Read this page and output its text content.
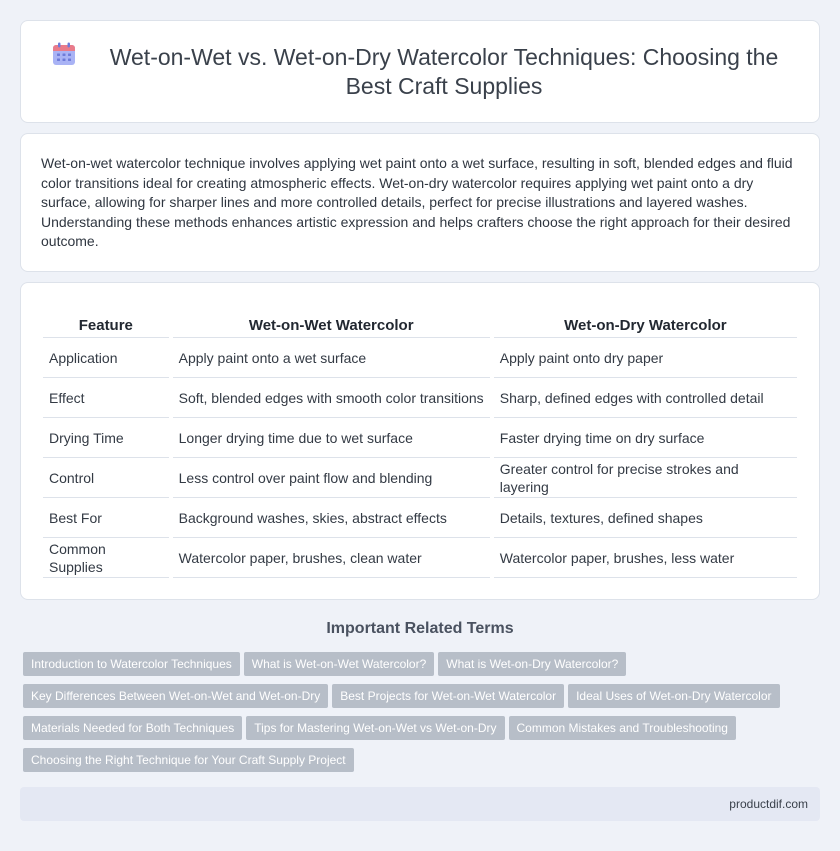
Wet-on-Wet vs. Wet-on-Dry Watercolor Techniques: Choosing the Best Craft Supplies

Wet-on-wet watercolor technique involves applying wet paint onto a wet surface, resulting in soft, blended edges and fluid color transitions ideal for creating atmospheric effects. Wet-on-dry watercolor requires applying wet paint onto a dry surface, allowing for sharper lines and more controlled details, perfect for precise illustrations and layered washes. Understanding these methods enhances artistic expression and helps crafters choose the right approach for their desired outcome.

Feature	Wet-on-Wet Watercolor	Wet-on-Dry Watercolor
Application	Apply paint onto a wet surface	Apply paint onto dry paper
Effect	Soft, blended edges with smooth color transitions	Sharp, defined edges with controlled detail
Drying Time	Longer drying time due to wet surface	Faster drying time on dry surface
Control	Less control over paint flow and blending	Greater control for precise strokes and layering
Best For	Background washes, skies, abstract effects	Details, textures, defined shapes
Common Supplies	Watercolor paper, brushes, clean water	Watercolor paper, brushes, less water
Important Related Terms
Introduction to Watercolor Techniques What is Wet-on-Wet Watercolor? What is Wet-on-Dry Watercolor?
Key Differences Between Wet-on-Wet and Wet-on-Dry Best Projects for Wet-on-Wet Watercolor Ideal Uses of Wet-on-Dry Watercolor
Materials Needed for Both Techniques Tips for Mastering Wet-on-Wet vs Wet-on-Dry Common Mistakes and Troubleshooting
Choosing the Right Technique for Your Craft Supply Project
productdif.com
